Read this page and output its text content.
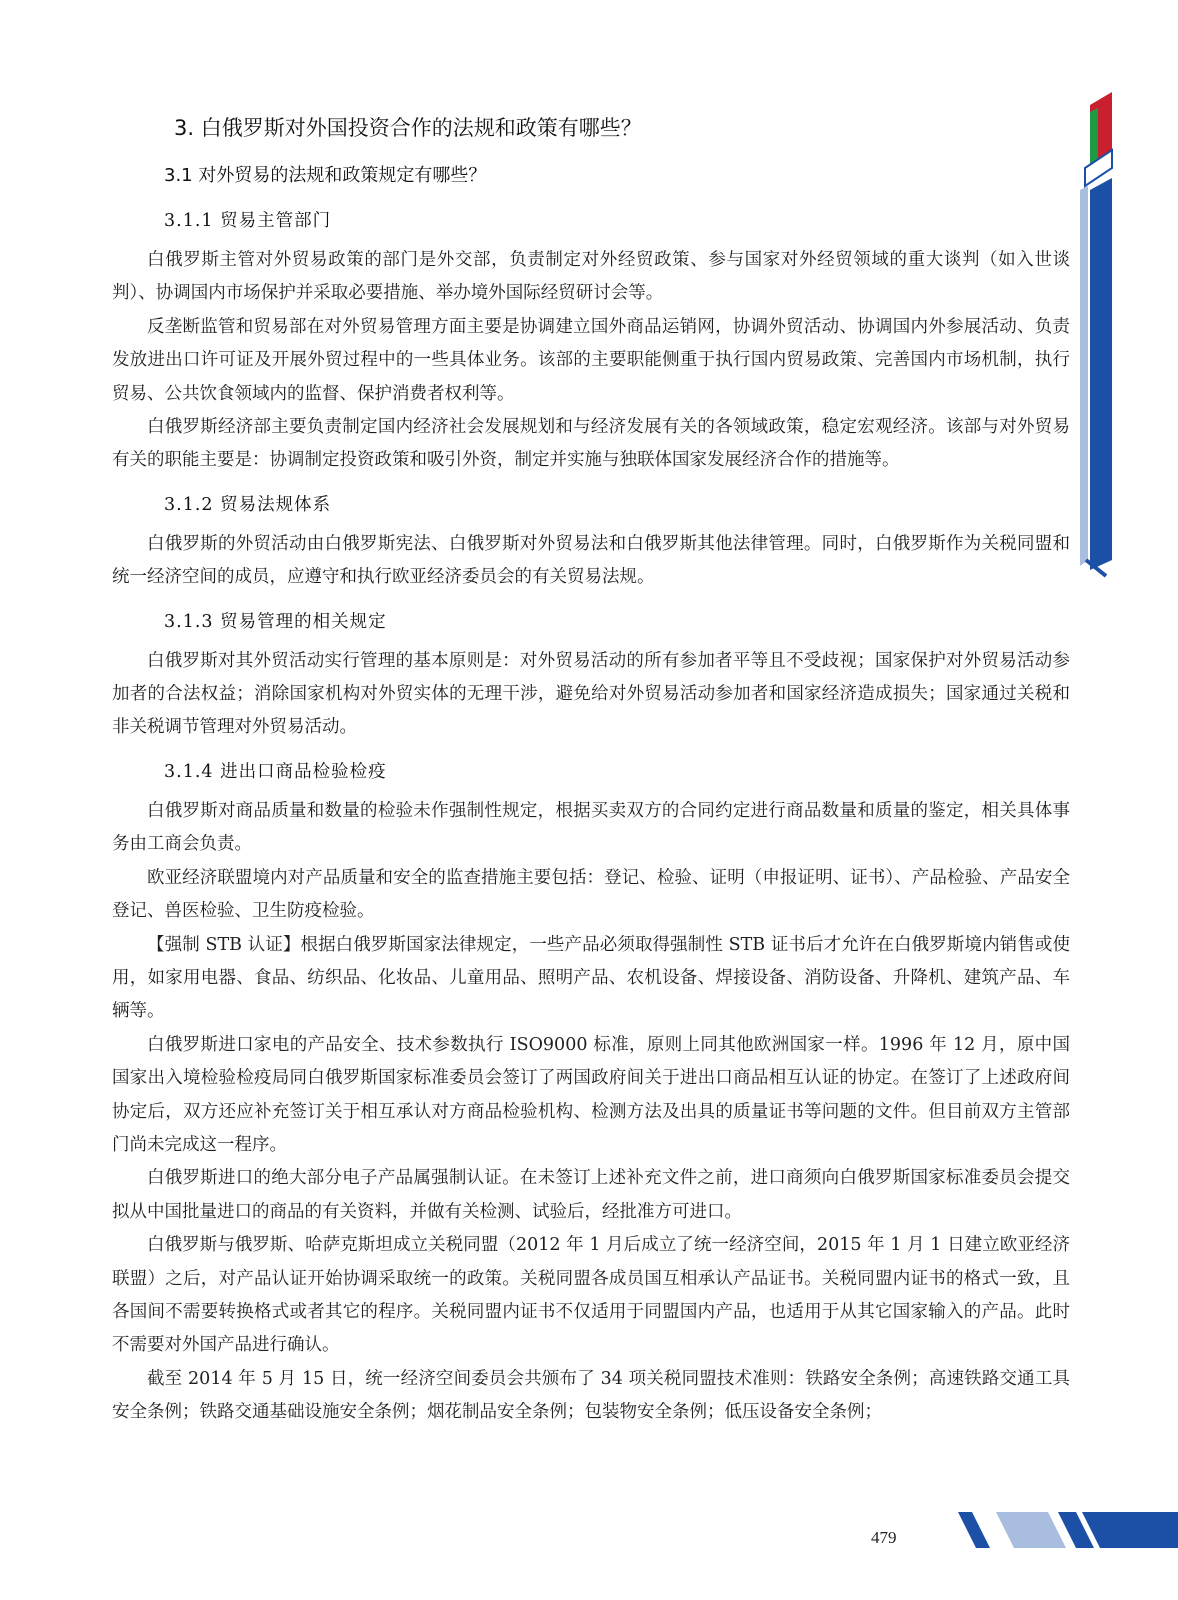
3. 白俄罗斯对外国投资合作的法规和政策有哪些？
3.1 对外贸易的法规和政策规定有哪些？
3.1.1 贸易主管部门

白俄罗斯主管对外贸易政策的部门是外交部，负责制定对外经贸政策、参与国家对外经贸领域的重大谈判（如入世谈判）、协调国内市场保护并采取必要措施、举办境外国际经贸研讨会等。

反垄断监管和贸易部在对外贸易管理方面主要是协调建立国外商品运销网，协调外贸活动、协调国内外参展活动、负责发放进出口许可证及开展外贸过程中的一些具体业务。该部的主要职能侧重于执行国内贸易政策、完善国内市场机制，执行贸易、公共饮食领域内的监督、保护消费者权利等。

白俄罗斯经济部主要负责制定国内经济社会发展规划和与经济发展有关的各领域政策，稳定宏观经济。该部与对外贸易有关的职能主要是：协调制定投资政策和吸引外资，制定并实施与独联体国家发展经济合作的措施等。

3.1.2 贸易法规体系

白俄罗斯的外贸活动由白俄罗斯宪法、白俄罗斯对外贸易法和白俄罗斯其他法律管理。同时，白俄罗斯作为关税同盟和统一经济空间的成员，应遵守和执行欧亚经济委员会的有关贸易法规。

3.1.3 贸易管理的相关规定

白俄罗斯对其外贸活动实行管理的基本原则是：对外贸易活动的所有参加者平等且不受歧视；国家保护对外贸易活动参加者的合法权益；消除国家机构对外贸实体的无理干涉，避免给对外贸易活动参加者和国家经济造成损失；国家通过关税和非关税调节管理对外贸易活动。

3.1.4 进出口商品检验检疫

白俄罗斯对商品质量和数量的检验未作强制性规定，根据买卖双方的合同约定进行商品数量和质量的鉴定，相关具体事务由工商会负责。

欧亚经济联盟境内对产品质量和安全的监查措施主要包括：登记、检验、证明（申报证明、证书）、产品检验、产品安全登记、兽医检验、卫生防疫检验。

【强制 STB 认证】根据白俄罗斯国家法律规定，一些产品必须取得强制性 STB 证书后才允许在白俄罗斯境内销售或使用，如家用电器、食品、纺织品、化妆品、儿童用品、照明产品、农机设备、焊接设备、消防设备、升降机、建筑产品、车辆等。

白俄罗斯进口家电的产品安全、技术参数执行 ISO9000 标准，原则上同其他欧洲国家一样。1996 年 12 月，原中国国家出入境检验检疫局同白俄罗斯国家标准委员会签订了两国政府间关于进出口商品相互认证的协定。在签订了上述政府间协定后，双方还应补充签订关于相互承认对方商品检验机构、检测方法及出具的质量证书等问题的文件。但目前双方主管部门尚未完成这一程序。

白俄罗斯进口的绝大部分电子产品属强制认证。在未签订上述补充文件之前，进口商须向白俄罗斯国家标准委员会提交拟从中国批量进口的商品的有关资料，并做有关检测、试验后，经批准方可进口。

白俄罗斯与俄罗斯、哈萨克斯坦成立关税同盟（2012 年 1 月后成立了统一经济空间，2015 年 1 月 1 日建立欧亚经济联盟）之后，对产品认证开始协调采取统一的政策。关税同盟各成员国互相承认产品证书。关税同盟内证书的格式一致，且各国间不需要转换格式或者其它的程序。关税同盟内证书不仅适用于同盟国内产品，也适用于从其它国家输入的产品。此时不需要对外国产品进行确认。

截至 2014 年 5 月 15 日，统一经济空间委员会共颁布了 34 项关税同盟技术准则：铁路安全条例；高速铁路交通工具安全条例；铁路交通基础设施安全条例；烟花制品安全条例；包装物安全条例；低压设备安全条例；

479
